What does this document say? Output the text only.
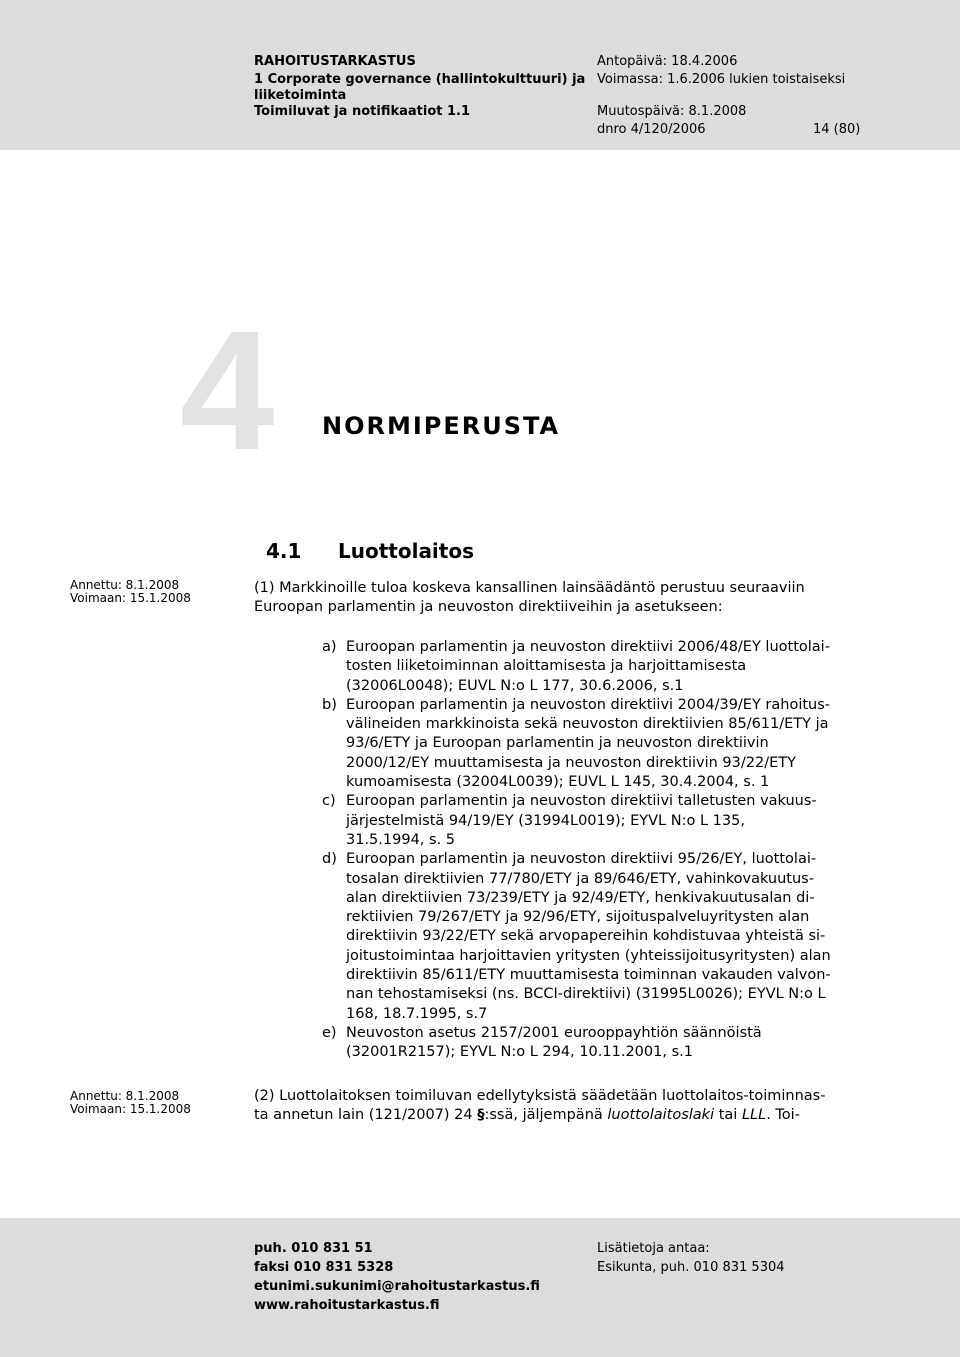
RAHOITUSTARKASTUS
1 Corporate governance (hallintokulttuuri) ja
liiketoiminta
Toimiluvat ja notifikaatiot 1.1
Antopäivä: 18.4.2006
Voimassa: 1.6.2006 lukien toistaiseksi
Muutospäivä: 8.1.2008
dnro 4/120/2006	14 (80)
4 NORMIPERUSTA
4.1 Luottolaitos
Annettu: 8.1.2008
Voimaan: 15.1.2008
Annettu: 8.1.2008
Voimaan: 15.1.2008
(1) Markkinoille tuloa koskeva kansallinen lainsäädäntö perustuu seuraaviin
Euroopan parlamentin ja neuvoston direktiiveihin ja asetukseen:
a) Euroopan parlamentin ja neuvoston direktiivi 2006/48/EY luottolai-
tosten liiketoiminnan aloittamisesta ja harjoittamisesta
(32006L0048); EUVL N:o L 177, 30.6.2006, s.1
b) Euroopan parlamentin ja neuvoston direktiivi 2004/39/EY rahoitus-
välineiden markkinoista sekä neuvoston direktiivien 85/611/ETY ja
93/6/ETY ja Euroopan parlamentin ja neuvoston direktiivin
2000/12/EY muuttamisesta ja neuvoston direktiivin 93/22/ETY
kumoamisesta (32004L0039); EUVL L 145, 30.4.2004, s. 1
c) Euroopan parlamentin ja neuvoston direktiivi talletusten vakuus-
järjestelmistä 94/19/EY (31994L0019); EYVL N:o L 135,
31.5.1994, s. 5
d) Euroopan parlamentin ja neuvoston direktiivi 95/26/EY, luottolai-
tosalan direktiivien 77/780/ETY ja 89/646/ETY, vahinkovakuutus-
alan direktiivien 73/239/ETY ja 92/49/ETY, henkivakuutusalan di-
rektiivien 79/267/ETY ja 92/96/ETY, sijoituspalveluyritysten alan
direktiivin 93/22/ETY sekä arvopapereihin kohdistuvaa yhteistä si-
joitustoimintaa harjoittavien yritysten (yhteissijoitusyritysten) alan
direktiivin 85/611/ETY muuttamisesta toiminnan vakauden valvon-
nan tehostamiseksi (ns. BCCI-direktiivi) (31995L0026); EYVL N:o L
168, 18.7.1995, s.7
e) Neuvoston asetus 2157/2001 eurooppayhtiön säännöistä
(32001R2157); EYVL N:o L 294, 10.11.2001, s.1
(2) Luottolaitoksen toimiluvan edellytyksistä säädetään luottolaitos-toiminnas-
ta annetun lain (121/2007) 24 §:ssä, jäljempänä luottolaitoslaki tai LLL. Toi-
puh. 010 831 51
faksi 010 831 5328
etunimi.sukunimi@rahoitustarkastus.fi
www.rahoitustarkastus.fi
Lisätietoja antaa:
Esikunta, puh. 010 831 5304
